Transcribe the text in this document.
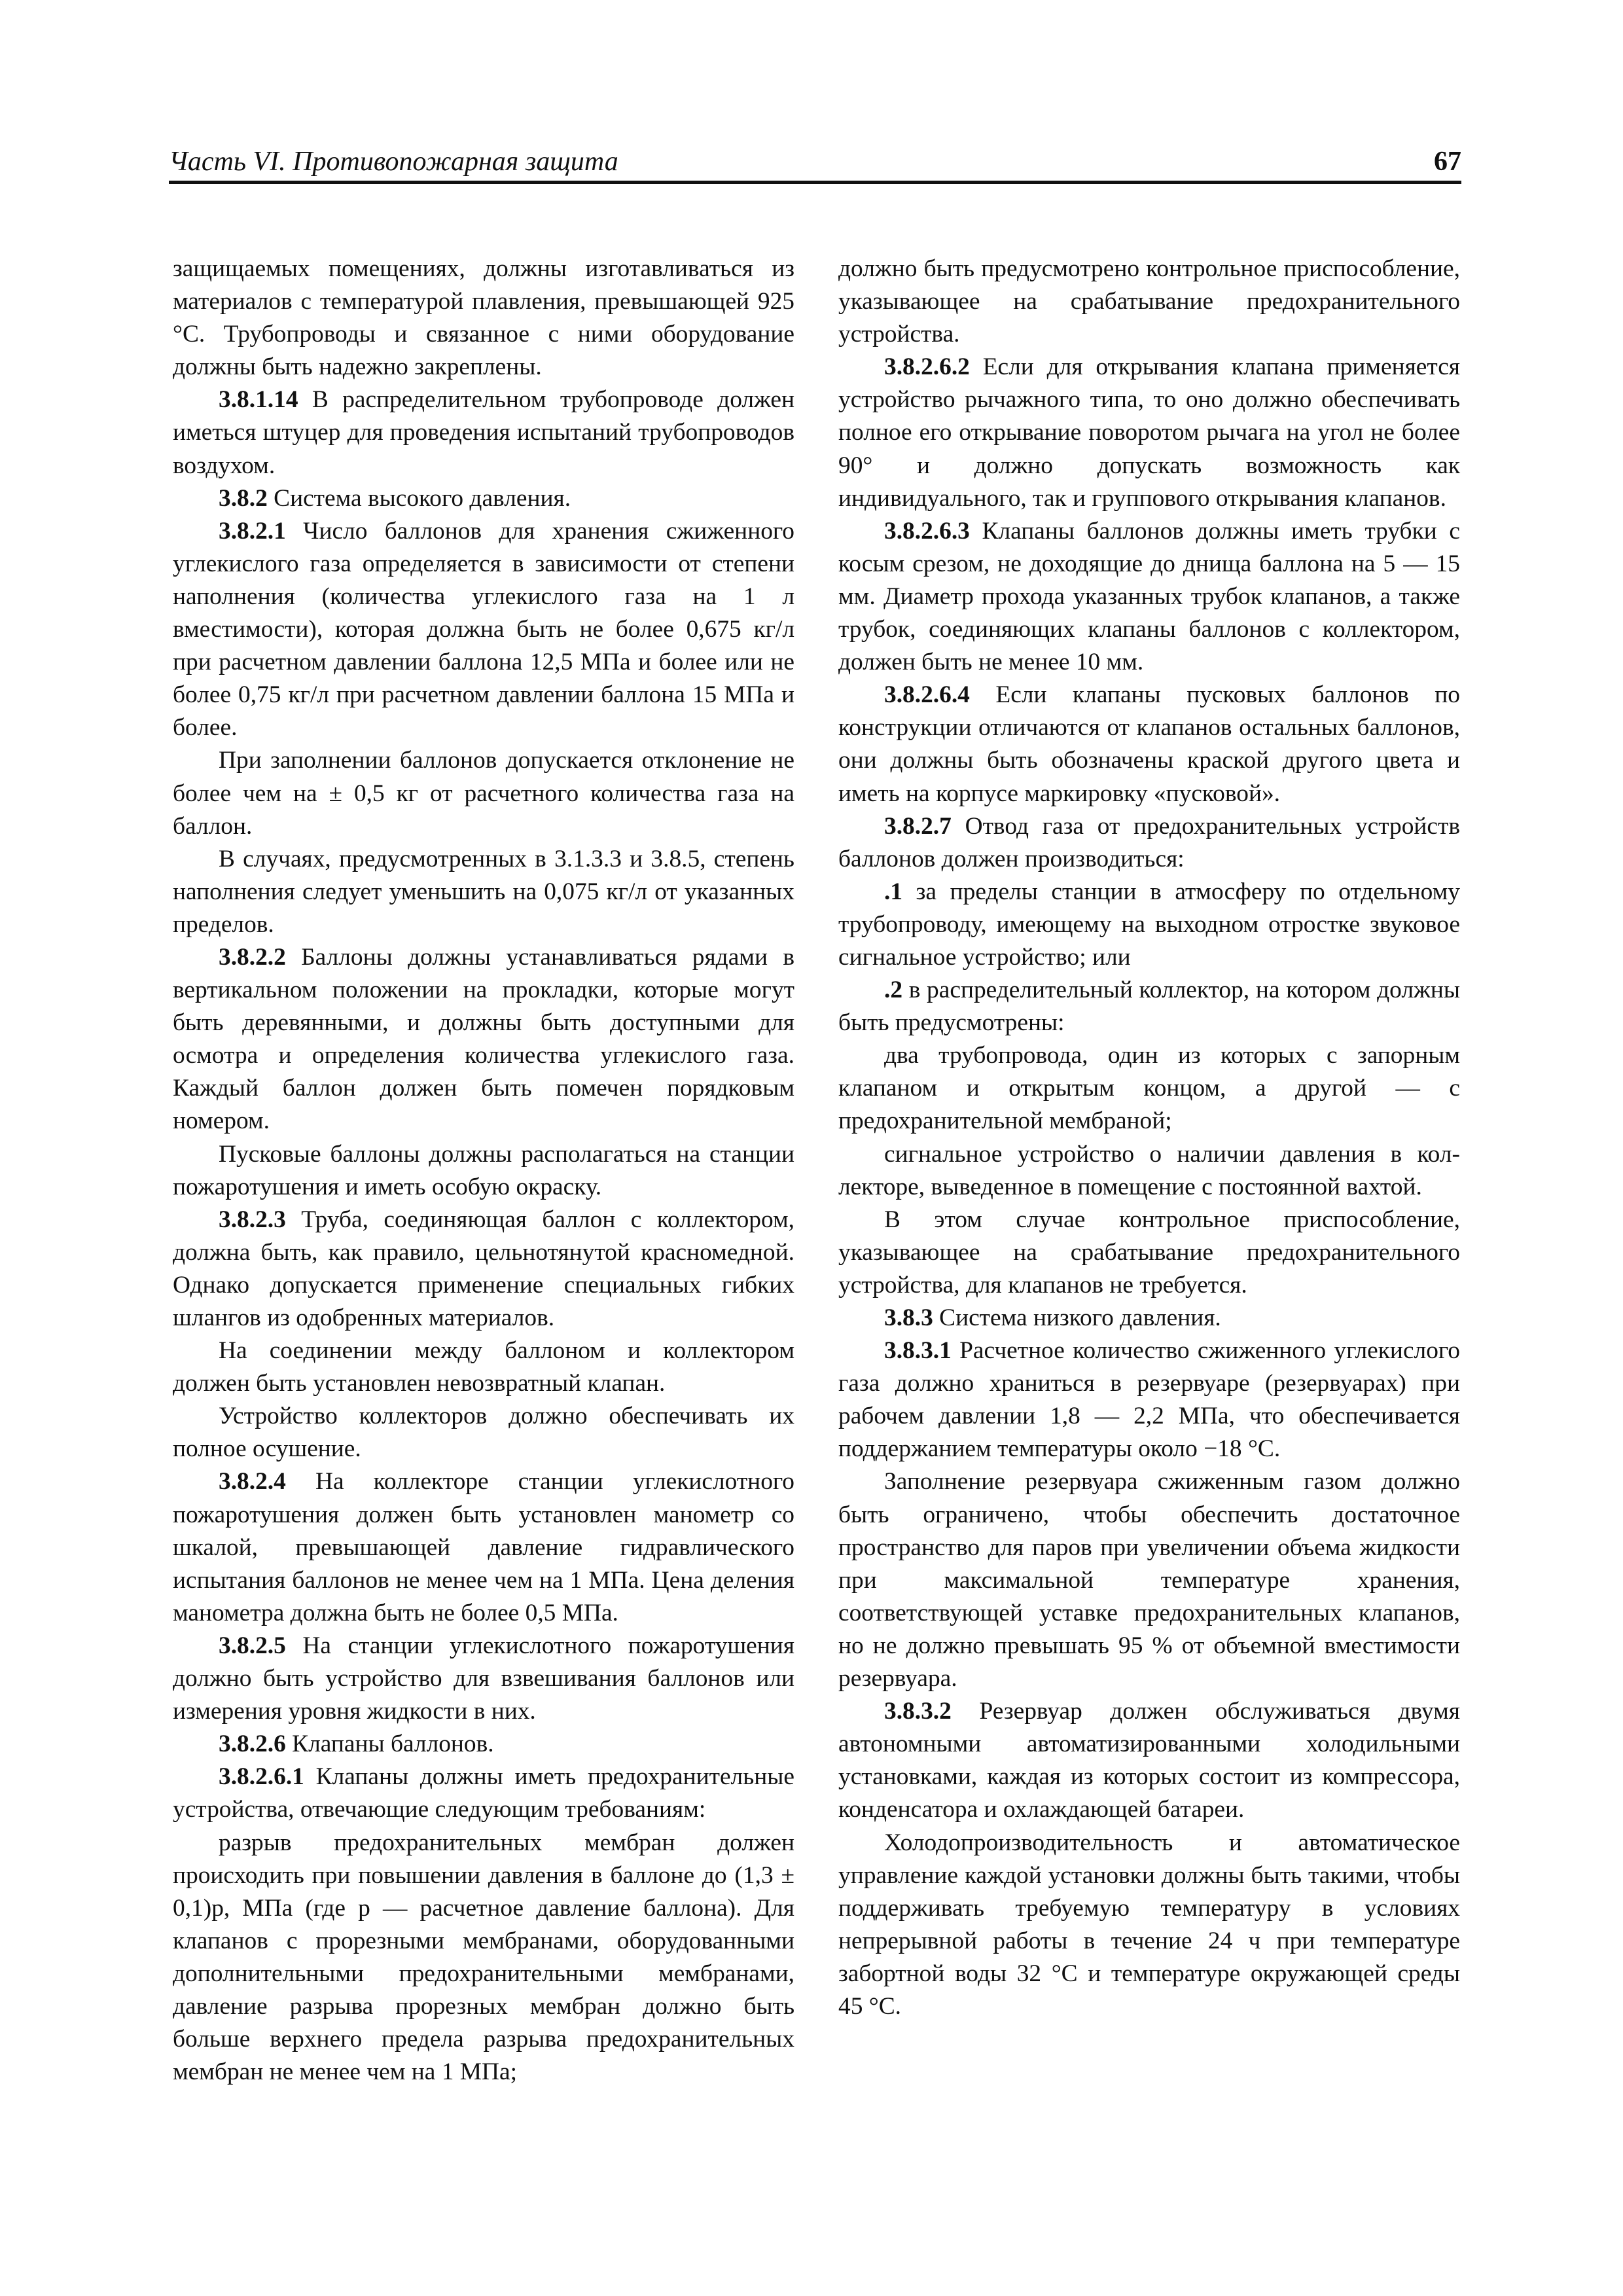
Часть VI. Противопожарная защита	67

защищаемых помещениях, должны изготавливаться из материалов с температурой плавления, превышающей 925 °С. Трубопроводы и связанное с ними оборудование должны быть надежно закреплены.

3.8.1.14 В распределительном трубопроводе должен иметься штуцер для проведения испытаний трубопроводов воздухом.

3.8.2 Система высокого давления.

3.8.2.1 Число баллонов для хранения сжиженного углекислого газа определяется в зависимости от степени наполнения (количества углекислого газа на 1 л вместимости), которая должна быть не более 0,675 кг/л при расчетном давлении баллона 12,5 МПа и более или не более 0,75 кг/л при расчетном давлении баллона 15 МПа и более.

При заполнении баллонов допускается отклонение не более чем на ± 0,5 кг от расчетного количества газа на баллон.

В случаях, предусмотренных в 3.1.3.3 и 3.8.5, степень наполнения следует уменьшить на 0,075 кг/л от указанных пределов.

3.8.2.2 Баллоны должны устанавливаться рядами в вертикальном положении на прокладки, которые могут быть деревянными, и должны быть доступными для осмотра и определения количества углекислого газа. Каждый баллон должен быть помечен порядковым номером.

Пусковые баллоны должны располагаться на станции пожаротушения и иметь особую окраску.

3.8.2.3 Труба, соединяющая баллон с коллектором, должна быть, как правило, цельнотянутой красномедной. Однако допускается применение специальных гибких шлангов из одобренных материалов.

На соединении между баллоном и коллектором должен быть установлен невозвратный клапан.

Устройство коллекторов должно обеспечивать их полное осушение.

3.8.2.4 На коллекторе станции углекислотного пожаротушения должен быть установлен манометр со шкалой, превышающей давление гидравлического испытания баллонов не менее чем на 1 МПа. Цена деления манометра должна быть не более 0,5 МПа.

3.8.2.5 На станции углекислотного пожаротушения должно быть устройство для взвешивания баллонов или измерения уровня жидкости в них.

3.8.2.6 Клапаны баллонов.

3.8.2.6.1 Клапаны должны иметь предохранительные устройства, отвечающие следующим требованиям:

разрыв предохранительных мембран должен происходить при повышении давления в баллоне до (1,3 ± 0,1)p, МПа (где p — расчетное давление баллона). Для клапанов с прорезными мембранами, оборудованными дополнительными предохранительными мембранами, давление разрыва прорезных мембран должно быть больше верхнего предела разрыва предохранительных мембран не менее чем на 1 МПа;

должно быть предусмотрено контрольное приспособление, указывающее на срабатывание предохранительного устройства.

3.8.2.6.2 Если для открывания клапана применяется устройство рычажного типа, то оно должно обеспечивать полное его открывание поворотом рычага на угол не более 90° и должно допускать возможность как индивидуального, так и группового открывания клапанов.

3.8.2.6.3 Клапаны баллонов должны иметь трубки с косым срезом, не доходящие до днища баллона на 5 — 15 мм. Диаметр прохода указанных трубок клапанов, а также трубок, соединяющих клапаны баллонов с коллектором, должен быть не менее 10 мм.

3.8.2.6.4 Если клапаны пусковых баллонов по конструкции отличаются от клапанов остальных баллонов, они должны быть обозначены краской другого цвета и иметь на корпусе маркировку «пусковой».

3.8.2.7 Отвод газа от предохранительных устройств баллонов должен производиться:

.1 за пределы станции в атмосферу по отдельному трубопроводу, имеющему на выходном отростке звуковое сигнальное устройство; или

.2 в распределительный коллектор, на котором должны быть предусмотрены:

два трубопровода, один из которых с запорным клапаном и открытым концом, а другой — с предохранительной мембраной;

сигнальное устройство о наличии давления в коллекторе, выведенное в помещение с постоянной вахтой.

В этом случае контрольное приспособление, указывающее на срабатывание предохранительного устройства, для клапанов не требуется.

3.8.3 Система низкого давления.

3.8.3.1 Расчетное количество сжиженного углекислого газа должно храниться в резервуаре (резервуарах) при рабочем давлении 1,8 — 2,2 МПа, что обеспечивается поддержанием температуры около −18 °С.

Заполнение резервуара сжиженным газом должно быть ограничено, чтобы обеспечить достаточное пространство для паров при увеличении объема жидкости при максимальной температуре хранения, соответствующей уставке предохранительных клапанов, но не должно превышать 95 % от объемной вместимости резервуара.

3.8.3.2 Резервуар должен обслуживаться двумя автономными автоматизированными холодильными установками, каждая из которых состоит из компрессора, конденсатора и охлаждающей батареи.

Холодопроизводительность и автоматическое управление каждой установки должны быть такими, чтобы поддерживать требуемую температуру в условиях непрерывной работы в течение 24 ч при температуре забортной воды 32 °С и температуре окружающей среды 45 °С.
